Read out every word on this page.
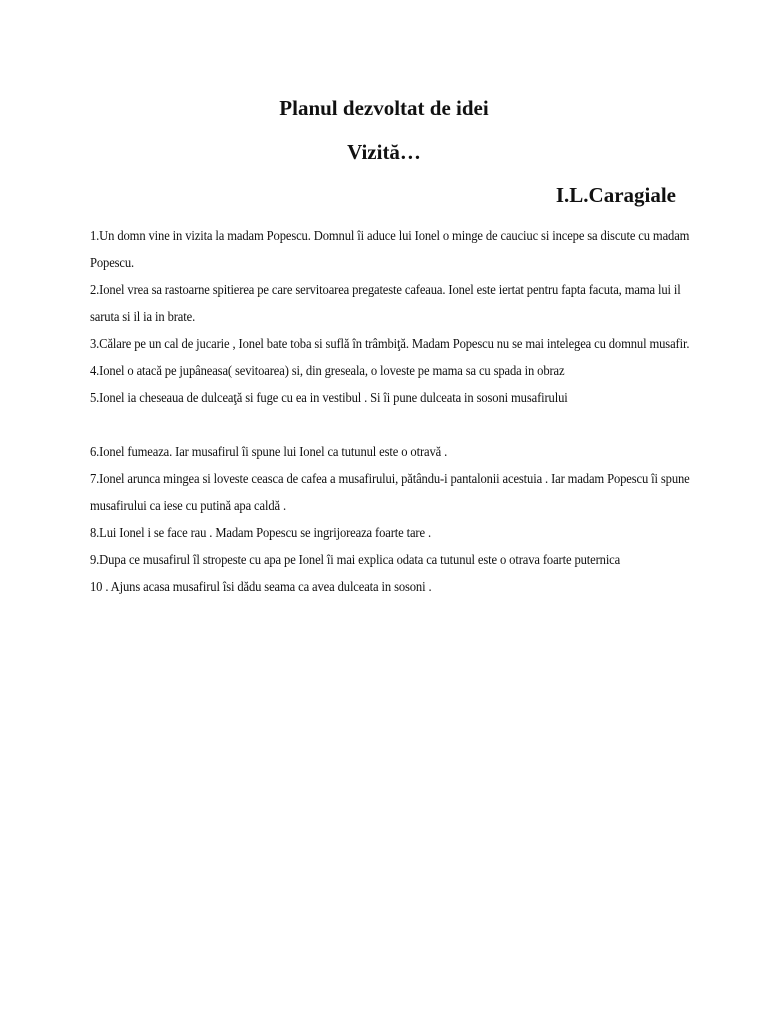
Planul dezvoltat de idei
Vizită…

I.L.Caragiale

1.Un domn vine in vizita la madam Popescu. Domnul îi aduce lui Ionel o minge de cauciuc si incepe sa discute cu madam Popescu.
2.Ionel vrea sa rastoarne spitierea pe care servitoarea pregateste cafeaua. Ionel este iertat pentru fapta facuta, mama lui il saruta si il ia in brate.
3.Călare pe un cal de jucarie , Ionel bate toba si suflă în trâmbiţă. Madam Popescu nu se mai intelegea cu domnul musafir.
4.Ionel o atacă pe jupâneasa( sevitoarea) si, din greseala, o loveste pe mama sa cu spada in obraz
5.Ionel ia cheseaua de dulceaţă si fuge cu ea in vestibul . Si îi pune dulceata in sosoni musafirului
6.Ionel fumeaza. Iar musafirul îi spune lui Ionel ca tutunul este o otravă .
7.Ionel arunca mingea si loveste ceasca de cafea a musafirului, pătându-i pantalonii acestuia . Iar madam Popescu îi spune musafirului ca iese cu putină apa caldă .
8.Lui Ionel i se face rau . Madam Popescu se ingrijoreaza foarte tare .
9.Dupa ce musafirul îl stropeste cu apa pe Ionel îi mai explica odata ca tutunul este o otrava foarte puternica
10 . Ajuns acasa musafirul îsi dădu seama ca avea dulceata in sosoni .
